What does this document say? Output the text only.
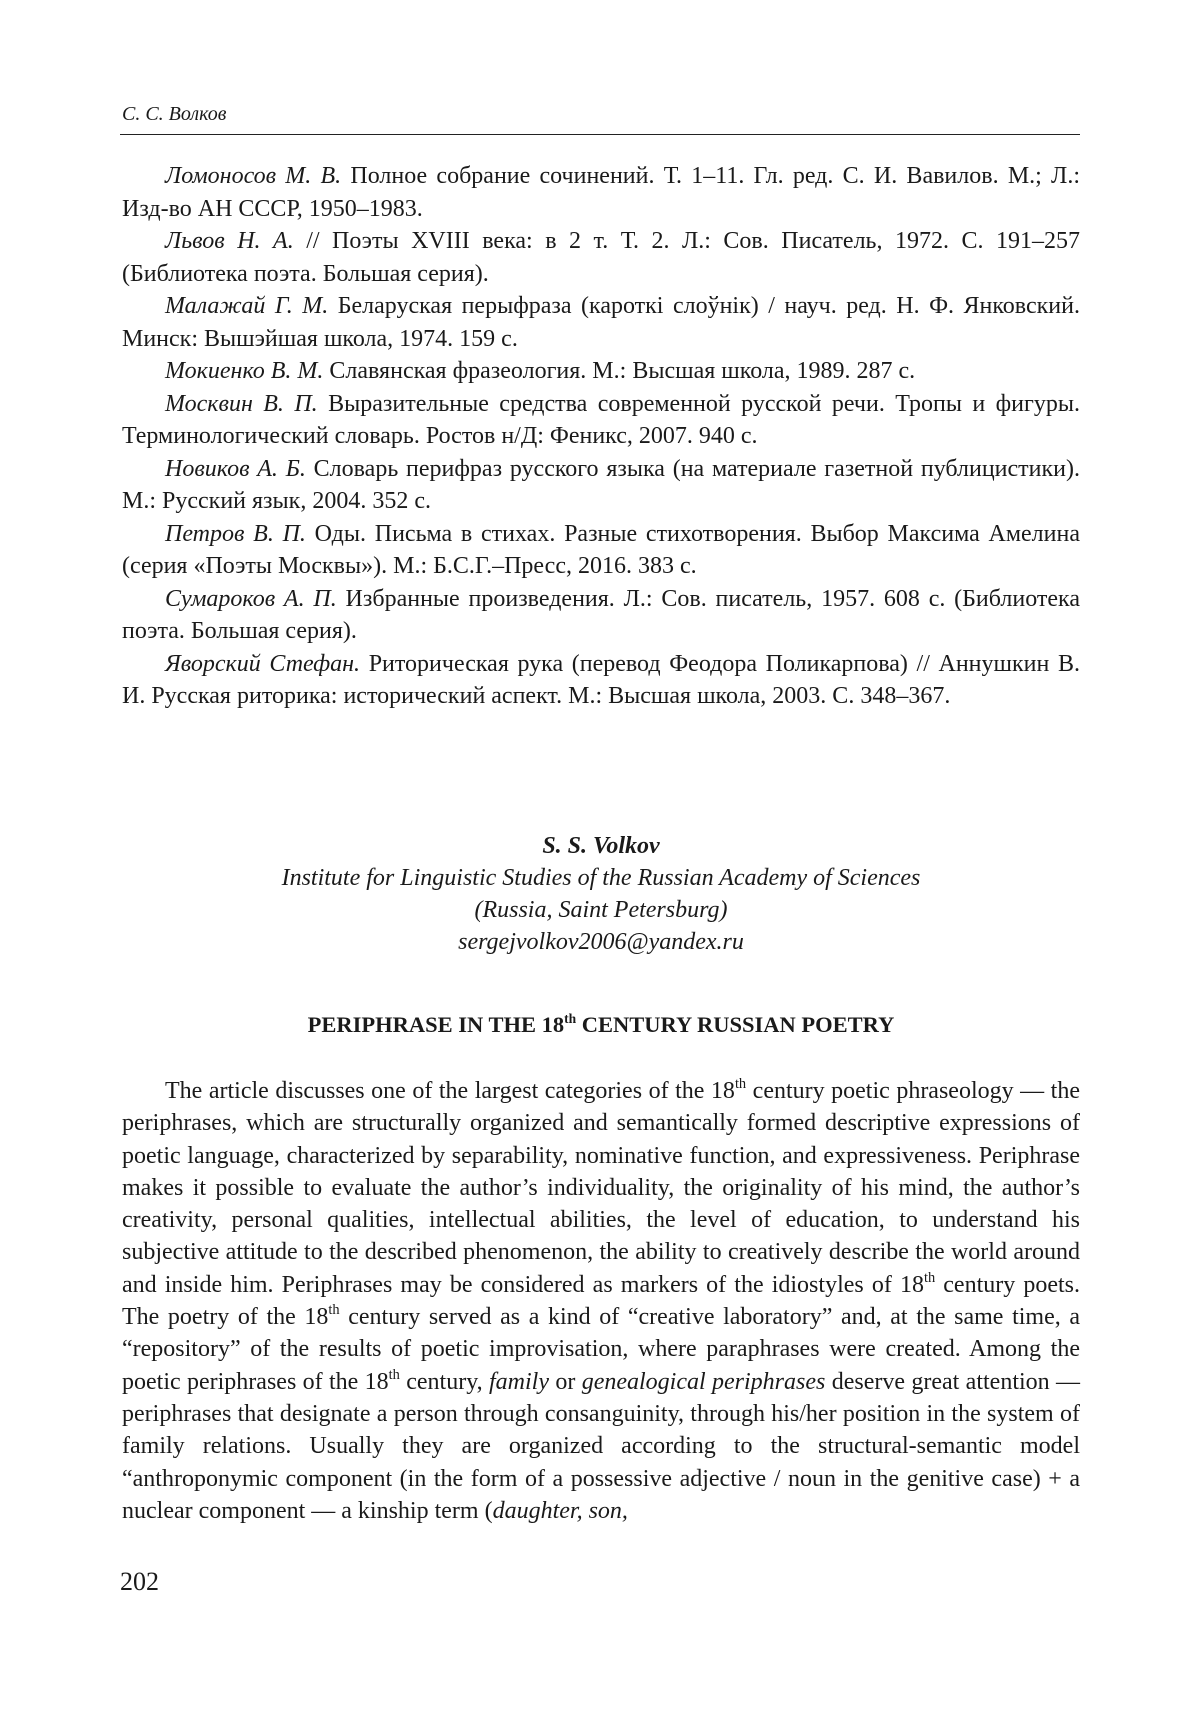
С. С. Волков

Ломоносов М. В. Полное собрание сочинений. Т. 1–11. Гл. ред. С. И. Вавилов. М.; Л.: Изд-во АН СССР, 1950–1983.

Львов Н. А. // Поэты XVIII века: в 2 т. Т. 2. Л.: Сов. Писатель, 1972. С. 191–257 (Библиотека поэта. Большая серия).

Малажай Г. М. Беларуская перыфраза (кароткі слоўнік) / науч. ред. Н. Ф. Янковский. Минск: Вышэйшая школа, 1974. 159 с.

Мокиенко В. М. Славянская фразеология. М.: Высшая школа, 1989. 287 с.

Москвин В. П. Выразительные средства современной русской речи. Тропы и фигуры. Терминологический словарь. Ростов н/Д: Феникс, 2007. 940 с.

Новиков А. Б. Словарь перифраз русского языка (на материале газетной публицистики). М.: Русский язык, 2004. 352 с.

Петров В. П. Оды. Письма в стихах. Разные стихотворения. Выбор Максима Амелина (серия «Поэты Москвы»). М.: Б.С.Г.–Пресс, 2016. 383 с.

Сумароков А. П. Избранные произведения. Л.: Сов. писатель, 1957. 608 с. (Библиотека поэта. Большая серия).

Яворский Стефан. Риторическая рука (перевод Феодора Поликарпова) // Аннушкин В. И. Русская риторика: исторический аспект. М.: Высшая школа, 2003. С. 348–367.

S. S. Volkov
Institute for Linguistic Studies of the Russian Academy of Sciences
(Russia, Saint Petersburg)
sergejvolkov2006@yandex.ru
PERIPHRASE IN THE 18th CENTURY RUSSIAN POETRY

The article discusses one of the largest categories of the 18th century poetic phraseology — the periphrases, which are structurally organized and semantically formed descriptive expressions of poetic language, characterized by separability, nominative function, and expressiveness. Periphrase makes it possible to evaluate the author’s individuality, the originality of his mind, the author’s creativity, personal qualities, intellectual abilities, the level of education, to understand his subjective attitude to the described phenomenon, the ability to creatively describe the world around and inside him. Periphrases may be considered as markers of the idiostyles of 18th century poets. The poetry of the 18th century served as a kind of “creative laboratory” and, at the same time, a “repository” of the results of poetic improvisation, where paraphrases were created. Among the poetic periphrases of the 18th century, family or genealogical periphrases deserve great attention — periphrases that designate a person through consanguinity, through his/her position in the system of family relations. Usually they are organized according to the structural-semantic model “anthroponymic component (in the form of a possessive adjective / noun in the genitive case) + a nuclear component — a kinship term (daughter, son,

202
